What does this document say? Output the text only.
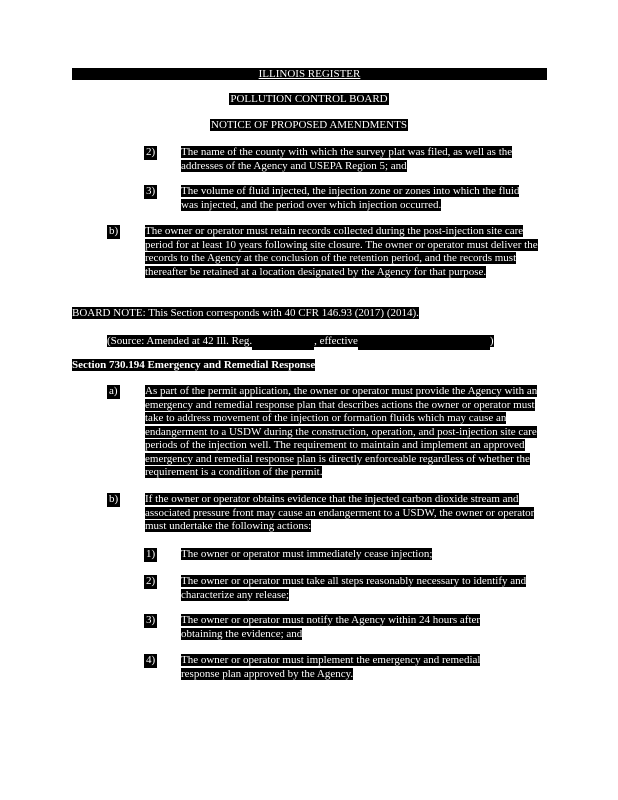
ILLINOIS REGISTER
POLLUTION CONTROL BOARD
NOTICE OF PROPOSED AMENDMENTS
2) The name of the county with which the survey plat was filed, as well as the addresses of the Agency and USEPA Region 5; and
3) The volume of fluid injected, the injection zone or zones into which the fluid was injected, and the period over which injection occurred.
b) The owner or operator must retain records collected during the post-injection site care period for at least 10 years following site closure. The owner or operator must deliver the records to the Agency at the conclusion of the retention period, and the records must thereafter be retained at a location designated by the Agency for that purpose.
BOARD NOTE: This Section corresponds with 40 CFR 146.93 (2017) (2014).
(Source: Amended at 42 Ill. Reg.	, effective	)
Section 730.194 Emergency and Remedial Response
a) As part of the permit application, the owner or operator must provide the Agency with an emergency and remedial response plan that describes actions the owner or operator must take to address movement of the injection or formation fluids which may cause an endangerment to a USDW during the construction, operation, and post-injection site care periods of the injection well. The requirement to maintain and implement an approved emergency and remedial response plan is directly enforceable regardless of whether the requirement is a condition of the permit.
b) If the owner or operator obtains evidence that the injected carbon dioxide stream and associated pressure front may cause an endangerment to a USDW, the owner or operator must undertake the following actions:
1) The owner or operator must immediately cease injection;
2) The owner or operator must take all steps reasonably necessary to identify and characterize any release;
3) The owner or operator must notify the Agency within 24 hours after obtaining the evidence; and
4) The owner or operator must implement the emergency and remedial response plan approved by the Agency.
